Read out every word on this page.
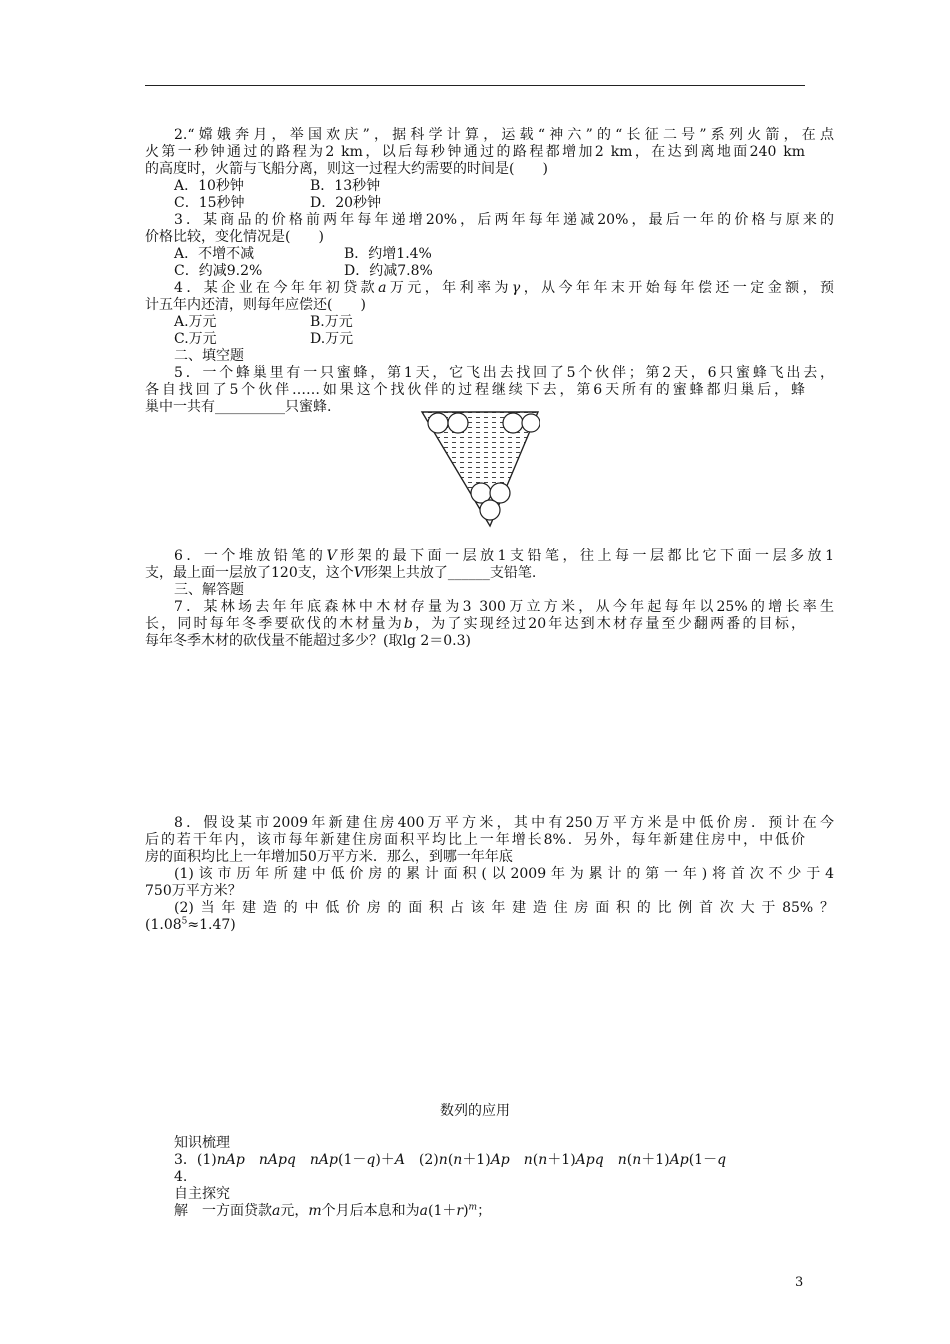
2.“嫦娥奔月，举国欢庆”，据科学计算，运载“神六”的“长征二号”系列火箭，在点
火第一秒钟通过的路程为2 km，以后每秒钟通过的路程都增加2 km，在达到离地面240 km
的高度时，火箭与飞船分离，则这一过程大约需要的时间是(　　)
A．10秒钟	B．13秒钟
C．15秒钟	D．20秒钟
3．某商品的价格前两年每年递增20%，后两年每年递减20%，最后一年的价格与原来的
价格比较，变化情况是(　　)
A．不增不减	B．约增1.4%
C．约减9.2%	D．约减7.8%
4．某企业在今年年初贷款a万元，年利率为γ，从今年年末开始每年偿还一定金额，预
计五年内还清，则每年应偿还(　　)
A.万元	B.万元
C.万元	D.万元
二、填空题
5．一个蜂巢里有一只蜜蜂，第1天，它飞出去找回了5个伙伴；第2天，6只蜜蜂飞出去，
各自找回了5个伙伴……如果这个找伙伴的过程继续下去，第6天所有的蜜蜂都归巢后，蜂
巢中一共有__________只蜜蜂.
6．一个堆放铅笔的V形架的最下面一层放1支铅笔，往上每一层都比它下面一层多放1
支，最上面一层放了120支，这个V形架上共放了______支铅笔.
三、解答题
7．某林场去年年底森林中木材存量为3 300万立方米，从今年起每年以25%的增长率生
长，同时每年冬季要砍伐的木材量为b，为了实现经过20年达到木材存量至少翻两番的目标，
每年冬季木材的砍伐量不能超过多少？(取lg 2＝0.3)
8．假设某市2009年新建住房400万平方米，其中有250万平方米是中低价房．预计在今
后的若干年内，该市每年新建住房面积平均比上一年增长8%．另外，每年新建住房中，中低价
房的面积均比上一年增加50万平方米．那么，到哪一年年底
(1)该市历年所建中低价房的累计面积(以2009年为累计的第一年)将首次不少于4
750万平方米？
(2)当年建造的中低价房的面积占该年建造住房面积的比例首次大于85%？
$(1.08^5\approx 1.47)$
数列的应用
知识梳理
3．(1)nAp　 nApq　 nAp(1－q)＋A　(2)n(n＋1)Ap　 n(n＋1)Apq　 n(n＋1)Ap(1－q
4.
自主探究
解　一方面贷款a元，m个月后本息和为$a(1+r)^m$；
3
